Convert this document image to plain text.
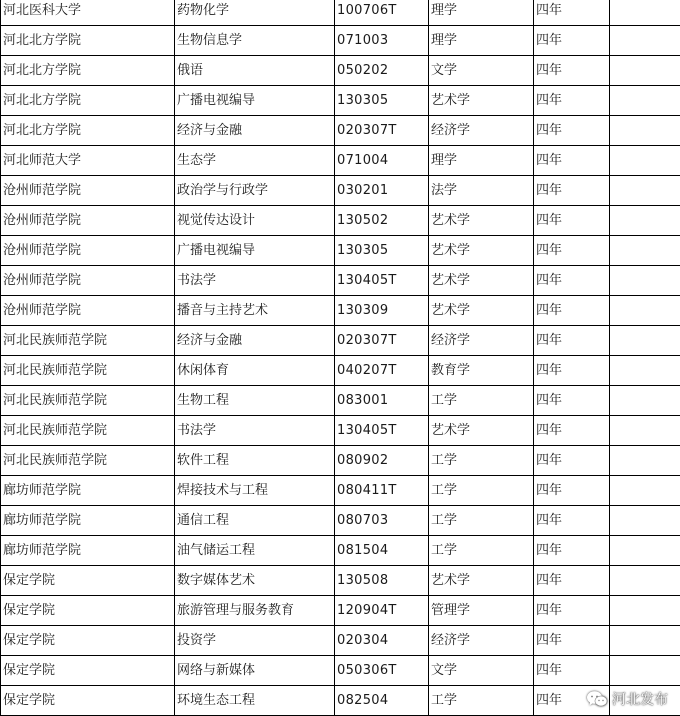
河北医科大学	药物化学	100706T	理学	四年	
河北北方学院	生物信息学	071003	理学	四年	
河北北方学院	俄语	050202	文学	四年	
河北北方学院	广播电视编导	130305	艺术学	四年	
河北北方学院	经济与金融	020307T	经济学	四年	
河北师范大学	生态学	071004	理学	四年	
沧州师范学院	政治学与行政学	030201	法学	四年	
沧州师范学院	视觉传达设计	130502	艺术学	四年	
沧州师范学院	广播电视编导	130305	艺术学	四年	
沧州师范学院	书法学	130405T	艺术学	四年	
沧州师范学院	播音与主持艺术	130309	艺术学	四年	
河北民族师范学院	经济与金融	020307T	经济学	四年	
河北民族师范学院	休闲体育	040207T	教育学	四年	
河北民族师范学院	生物工程	083001	工学	四年	
河北民族师范学院	书法学	130405T	艺术学	四年	
河北民族师范学院	软件工程	080902	工学	四年	
廊坊师范学院	焊接技术与工程	080411T	工学	四年	
廊坊师范学院	通信工程	080703	工学	四年	
廊坊师范学院	油气储运工程	081504	工学	四年	
保定学院	数字媒体艺术	130508	艺术学	四年	
保定学院	旅游管理与服务教育	120904T	管理学	四年	
保定学院	投资学	020304	经济学	四年	
保定学院	网络与新媒体	050306T	文学	四年	
保定学院	环境生态工程	082504	工学	四年		河北发布
